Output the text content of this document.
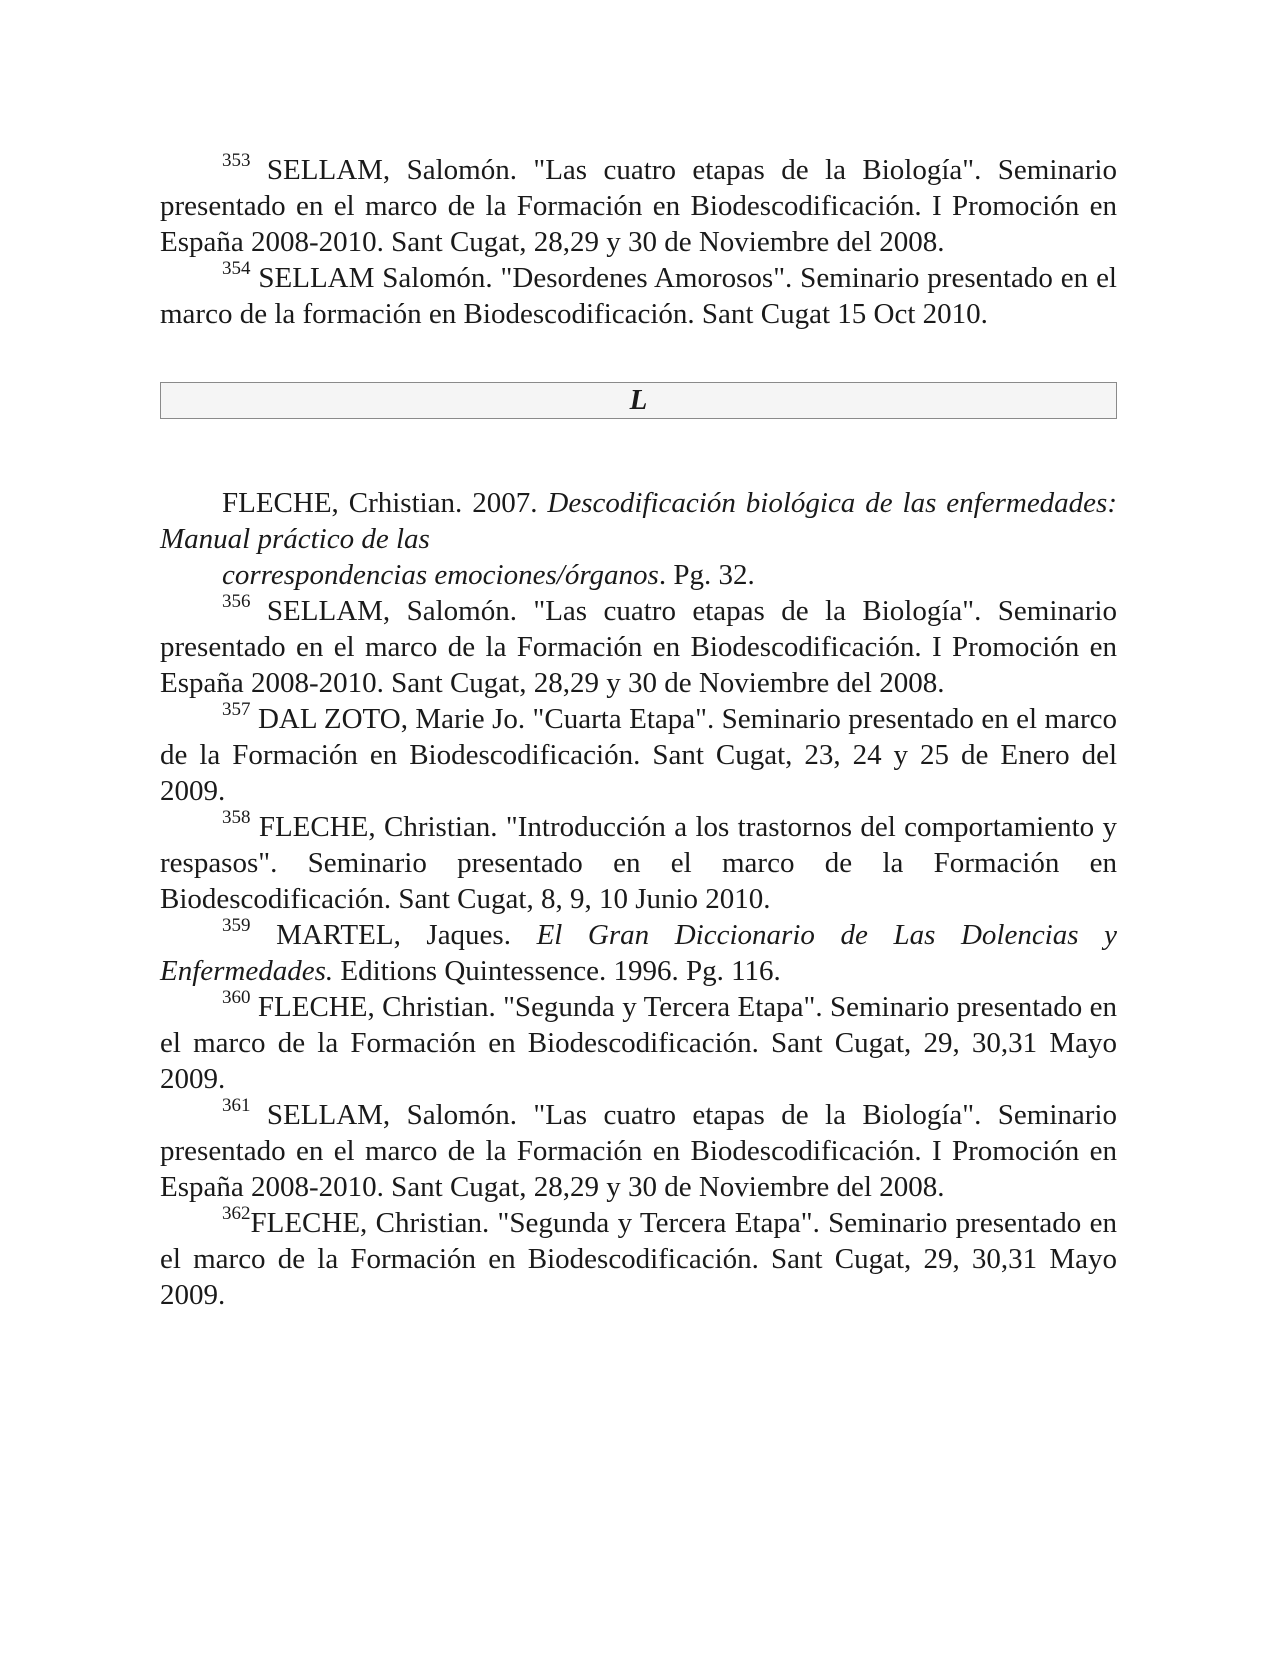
$^{353}$ SELLAM, Salomón. "Las cuatro etapas de la Biología". Seminario presentado en el marco de la Formación en Biodescodificación. I Promoción en España 2008-2010. Sant Cugat, 28,29 y 30 de Noviembre del 2008.

$^{354}$ SELLAM Salomón. "Desordenes Amorosos". Seminario presentado en el marco de la formación en Biodescodificación. Sant Cugat 15 Oct 2010.

L

FLECHE, Crhistian. 2007. Descodificación biológica de las enfermedades: Manual práctico de las
correspondencias emociones/órganos. Pg. 32.

$^{356}$ SELLAM, Salomón. "Las cuatro etapas de la Biología". Seminario presentado en el marco de la Formación en Biodescodificación. I Promoción en España 2008-2010. Sant Cugat, 28,29 y 30 de Noviembre del 2008.

$^{357}$ DAL ZOTO, Marie Jo. "Cuarta Etapa". Seminario presentado en el marco de la Formación en Biodescodificación. Sant Cugat, 23, 24 y 25 de Enero del 2009.

$^{358}$ FLECHE, Christian. "Introducción a los trastornos del comportamiento y respasos". Seminario presentado en el marco de la Formación en Biodescodificación. Sant Cugat, 8, 9, 10 Junio 2010.

$^{359}$ MARTEL, Jaques. El Gran Diccionario de Las Dolencias y Enfermedades. Editions Quintessence. 1996. Pg. 116.

$^{360}$ FLECHE, Christian. "Segunda y Tercera Etapa". Seminario presentado en el marco de la Formación en Biodescodificación. Sant Cugat, 29, 30,31 Mayo 2009.

$^{361}$ SELLAM, Salomón. "Las cuatro etapas de la Biología". Seminario presentado en el marco de la Formación en Biodescodificación. I Promoción en España 2008-2010. Sant Cugat, 28,29 y 30 de Noviembre del 2008.

$^{362}$FLECHE, Christian. "Segunda y Tercera Etapa". Seminario presentado en el marco de la Formación en Biodescodificación. Sant Cugat, 29, 30,31 Mayo 2009.
